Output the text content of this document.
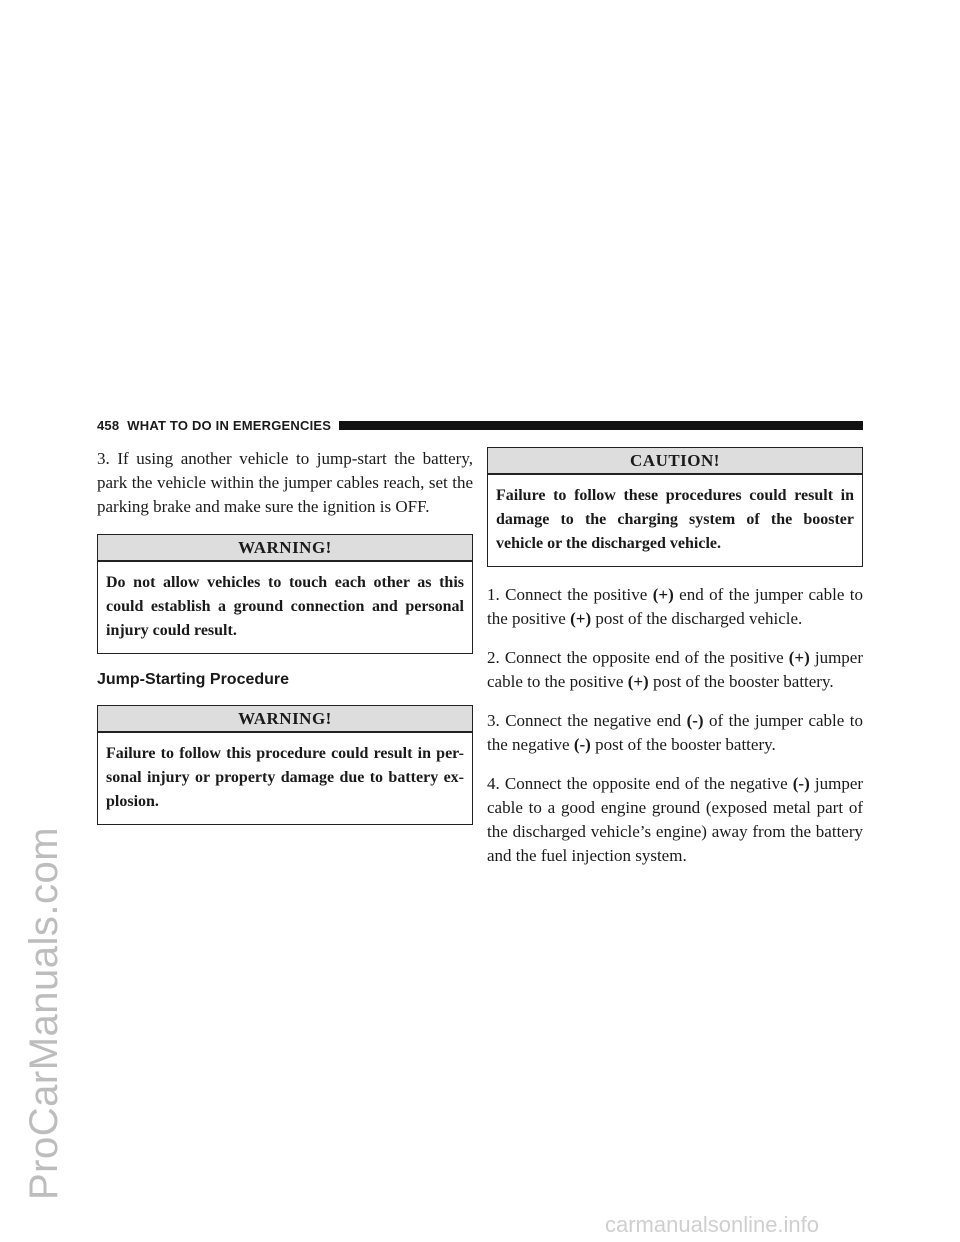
ProCarManuals.com
carmanualsonline.info
458 WHAT TO DO IN EMERGENCIES

3. If using another vehicle to jump-start the battery, park the vehicle within the jumper cables reach, set the parking brake and make sure the ignition is OFF.

WARNING!
Do not allow vehicles to touch each other as this could establish a ground connection and personal injury could result.
Jump-Starting Procedure
WARNING!
Failure to follow this procedure could result in per- sonal injury or property damage due to battery ex- plosion.
CAUTION!
Failure to follow these procedures could result in damage to the charging system of the booster vehicle or the discharged vehicle.

1. Connect the positive (+) end of the jumper cable to the positive (+) post of the discharged vehicle.

2. Connect the opposite end of the positive (+) jumper cable to the positive (+) post of the booster battery.

3. Connect the negative end (-) of the jumper cable to the negative (-) post of the booster battery.

4. Connect the opposite end of the negative (-) jumper cable to a good engine ground (exposed metal part of the discharged vehicle’s engine) away from the battery and the fuel injection system.
